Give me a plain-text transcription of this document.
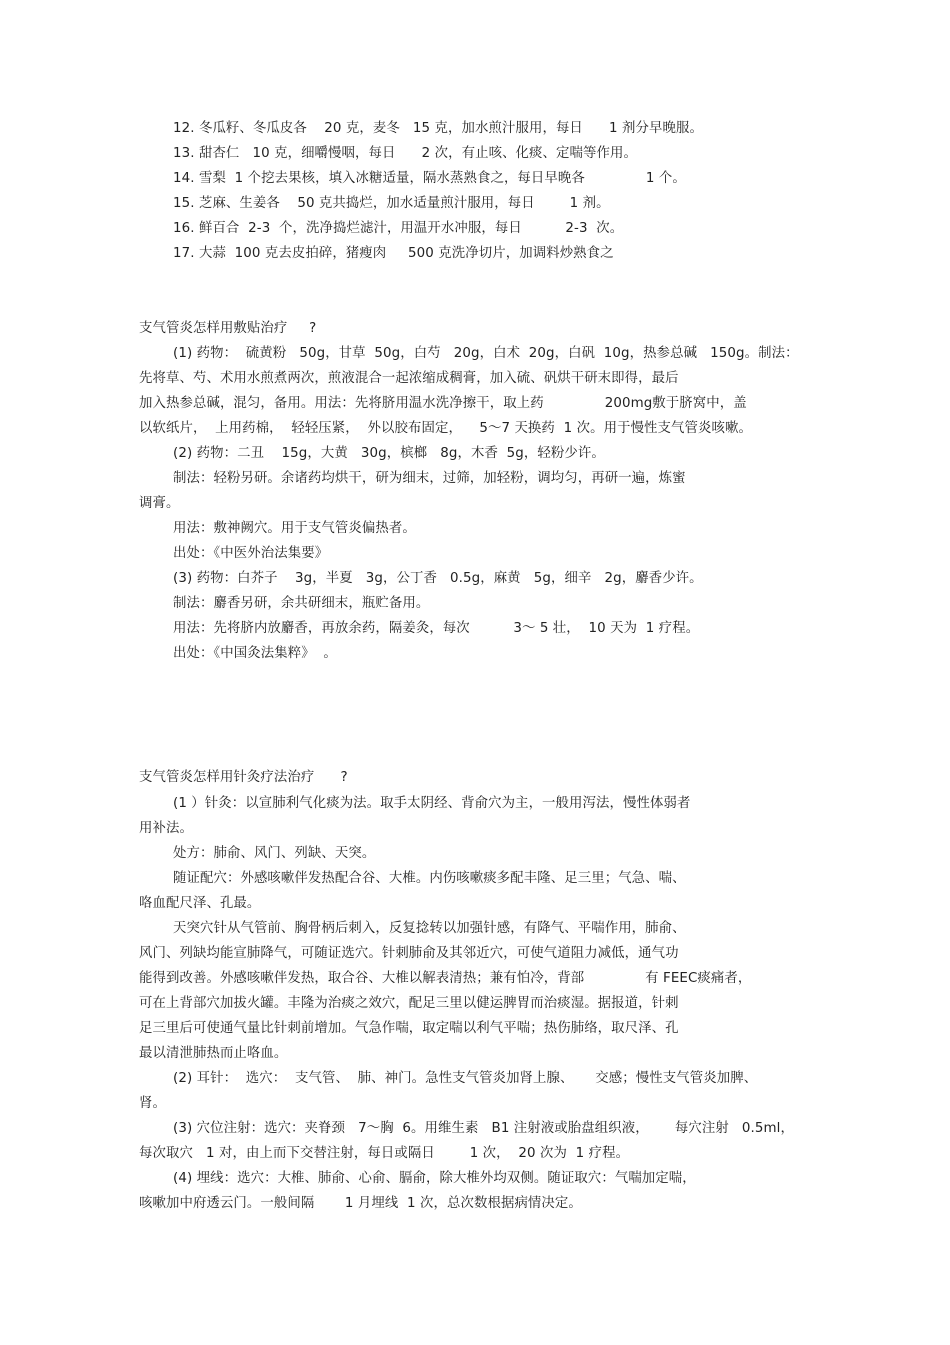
12. 冬瓜籽、冬瓜皮各    20 克，麦冬   15 克，加水煎汁服用，每日      1 剂分早晚服。

13. 甜杏仁   10 克，细嚼慢咽，每日      2 次，有止咳、化痰、定喘等作用。

14. 雪梨  1 个挖去果核，填入冰糖适量，隔水蒸熟食之，每日早晚各              1 个。

15. 芝麻、生姜各    50 克共捣烂，加水适量煎汁服用，每日        1 剂。

16. 鲜百合  2-3  个，洗净捣烂滤汁，用温开水冲服，每日          2-3  次。

17. 大蒜  100 克去皮拍碎，猪瘦肉     500 克洗净切片，加调料炒熟食之

支气管炎怎样用敷贴治疗     ?

(1) 药物：  硫黄粉   50g，甘草  50g，白芍   20g，白术  20g，白矾  10g，热参总碱   150g。制法：

先将草、芍、术用水煎煮两次，煎液混合一起浓缩成稠膏，加入硫、矾烘干研末即得，最后

加入热参总碱，混匀，备用。用法：先将脐用温水洗净擦干，取上药              200mg敷于脐窝中，盖

以软纸片，  上用药棉，  轻轻压紧，  外以胶布固定，    5～7 天换药  1 次。用于慢性支气管炎咳嗽。

(2) 药物：二丑    15g，大黄   30g，槟榔   8g，木香  5g，轻粉少许。

制法：轻粉另研。余诸药均烘干，研为细末，过筛，加轻粉，调均匀，再研一遍，炼蜜

调膏。

用法：敷神阙穴。用于支气管炎偏热者。

出处：《中医外治法集要》

(3) 药物：白芥子    3g，半夏   3g，公丁香   0.5g，麻黄   5g，细辛   2g，麝香少许。

制法：麝香另研，余共研细末，瓶贮备用。

用法：先将脐内放麝香，再放余药，隔姜灸，每次          3～ 5 壮，  10 天为  1 疗程。

出处：《中国灸法集粹》  。

支气管炎怎样用针灸疗法治疗      ?

(1 ）针灸：以宣肺利气化痰为法。取手太阴经、背俞穴为主，一般用泻法，慢性体弱者

用补法。

处方：肺俞、风门、列缺、天突。

随证配穴：外感咳嗽伴发热配合谷、大椎。内伤咳嗽痰多配丰隆、足三里；气急、喘、

咯血配尺泽、孔最。

天突穴针从气管前、胸骨柄后刺入，反复捻转以加强针感，有降气、平喘作用，肺俞、

风门、列缺均能宣肺降气，可随证选穴。针刺肺俞及其邻近穴，可使气道阻力减低，通气功

能得到改善。外感咳嗽伴发热，取合谷、大椎以解表清热；兼有怕冷，背部              有 FEEC痰痛者，

可在上背部穴加拔火罐。丰隆为治痰之效穴，配足三里以健运脾胃而治痰湿。据报道，针刺

足三里后可使通气量比针刺前增加。气急作喘，取定喘以利气平喘；热伤肺络，取尺泽、孔

最以清泄肺热而止咯血。

(2) 耳针：  选穴：  支气管、  肺、神门。急性支气管炎加肾上腺、     交感；慢性支气管炎加脾、

肾。

(3) 穴位注射：选穴：夹脊颈   7～胸  6。用维生素   B1 注射液或胎盘组织液，      每穴注射   0.5ml，

每次取穴   1 对，由上而下交替注射，每日或隔日        1 次，  20 次为  1 疗程。

(4) 埋线：选穴：大椎、肺俞、心俞、膈俞，除大椎外均双侧。随证取穴：气喘加定喘，

咳嗽加中府透云门。一般间隔       1 月埋线  1 次，总次数根据病情决定。
